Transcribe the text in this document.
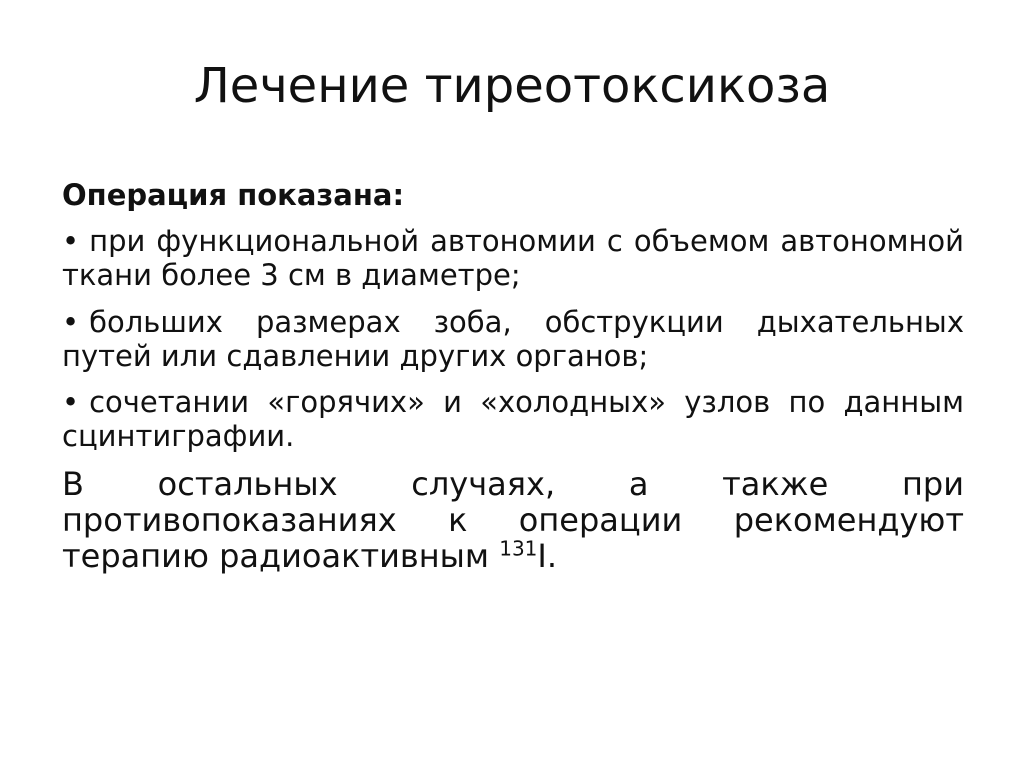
Лечение тиреотоксикоза

Операция показана:

• при функциональной автономии с объемом автономной ткани более 3 см в диаметре;

• больших размерах зоба, обструкции дыхательных путей или сдавлении других органов;

• сочетании «горячих» и «холодных» узлов по данным сцинтиграфии.

В остальных случаях, а также при противопоказаниях к операции рекомендуют терапию радиоактивным $^{131}$I.
